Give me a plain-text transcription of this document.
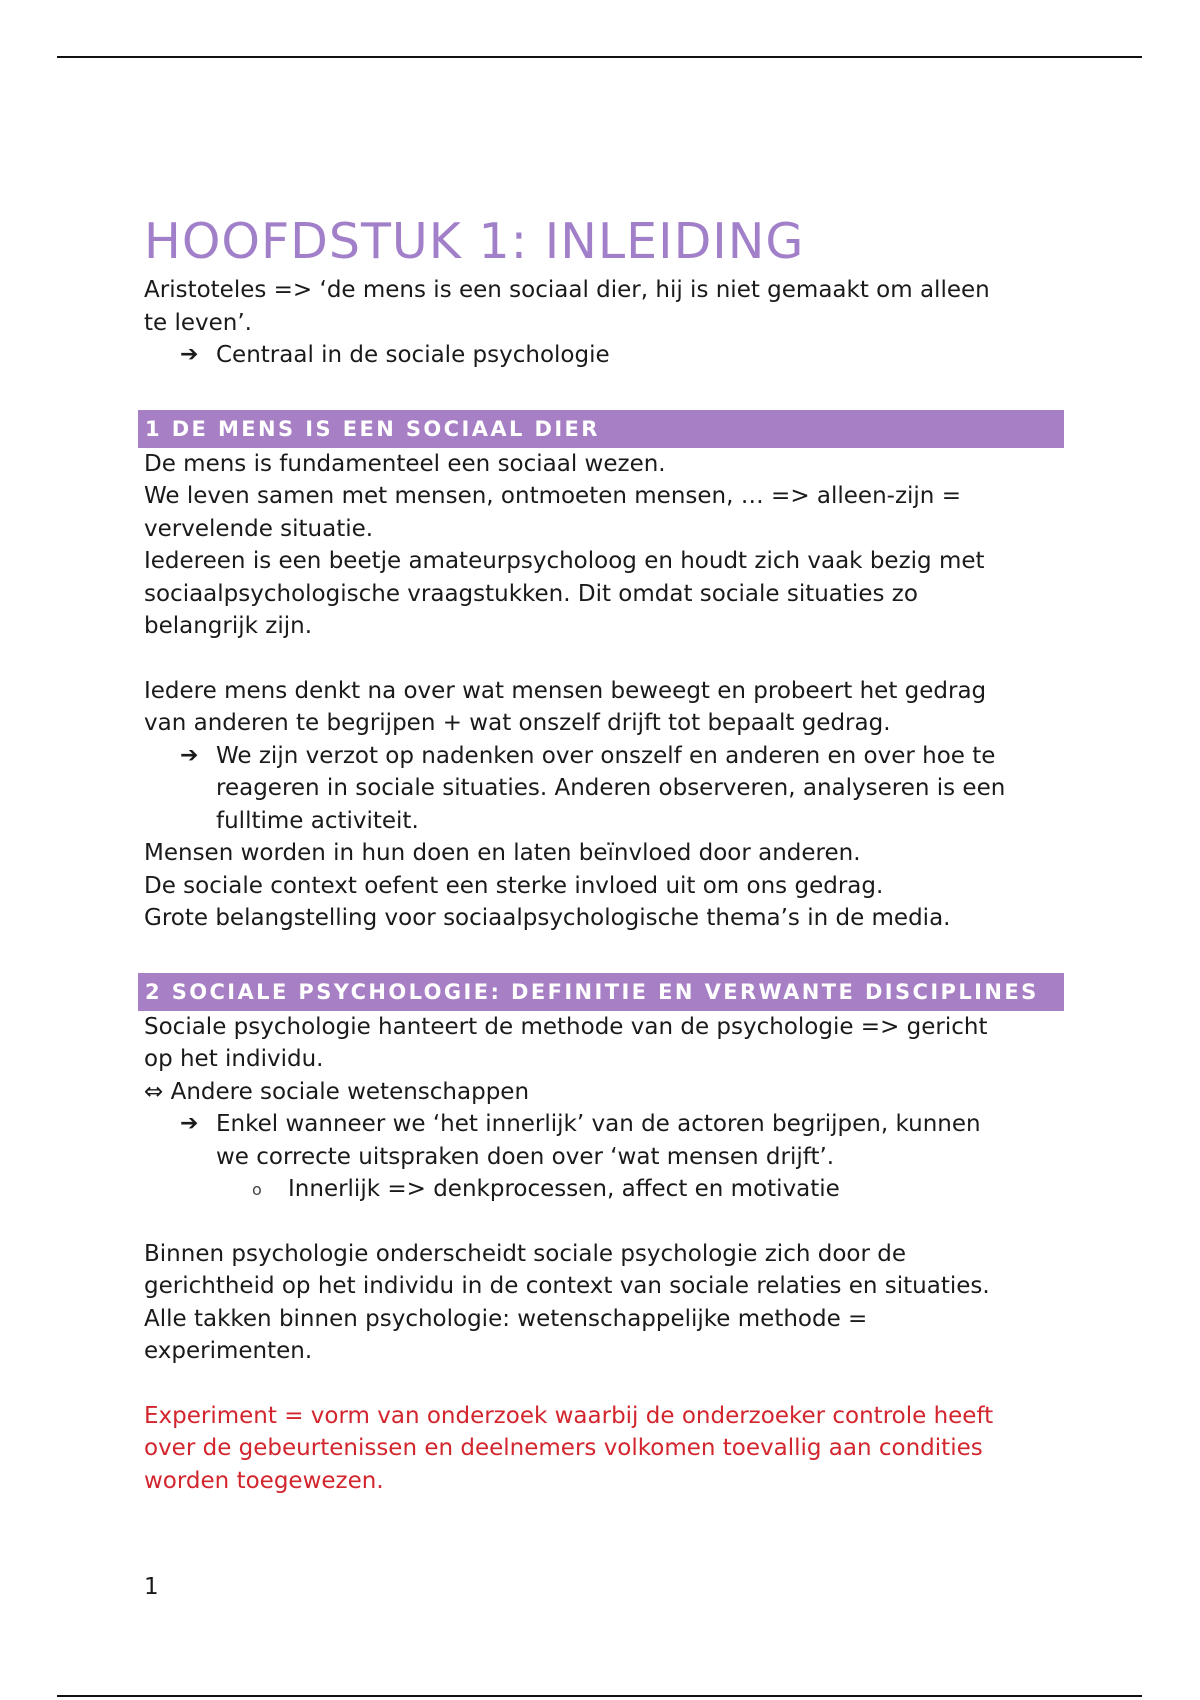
HOOFDSTUK 1: INLEIDING

Aristoteles => ‘de mens is een sociaal dier, hij is niet gemaakt om alleen

te leven’.

➔ Centraal in de sociale psychologie
1 DE MENS IS EEN SOCIAAL DIER

De mens is fundamenteel een sociaal wezen.

We leven samen met mensen, ontmoeten mensen, … => alleen-zijn =

vervelende situatie.

Iedereen is een beetje amateurpsycholoog en houdt zich vaak bezig met

sociaalpsychologische vraagstukken. Dit omdat sociale situaties zo

belangrijk zijn.

Iedere mens denkt na over wat mensen beweegt en probeert het gedrag

van anderen te begrijpen + wat onszelf drijft tot bepaalt gedrag.

➔ We zijn verzot op nadenken over onszelf en anderen en over hoe te
reageren in sociale situaties. Anderen observeren, analyseren is een
fulltime activiteit.

Mensen worden in hun doen en laten beïnvloed door anderen.

De sociale context oefent een sterke invloed uit om ons gedrag.

Grote belangstelling voor sociaalpsychologische thema’s in de media.

2 SOCIALE PSYCHOLOGIE: DEFINITIE EN VERWANTE DISCIPLINES

Sociale psychologie hanteert de methode van de psychologie => gericht

op het individu.

⇔ Andere sociale wetenschappen

➔ Enkel wanneer we ‘het innerlijk’ van de actoren begrijpen, kunnen
we correcte uitspraken doen over ‘wat mensen drijft’.
o Innerlijk => denkprocessen, affect en motivatie

Binnen psychologie onderscheidt sociale psychologie zich door de

gerichtheid op het individu in de context van sociale relaties en situaties.

Alle takken binnen psychologie: wetenschappelijke methode =

experimenten.

Experiment = vorm van onderzoek waarbij de onderzoeker controle heeft

over de gebeurtenissen en deelnemers volkomen toevallig aan condities

worden toegewezen.

1
